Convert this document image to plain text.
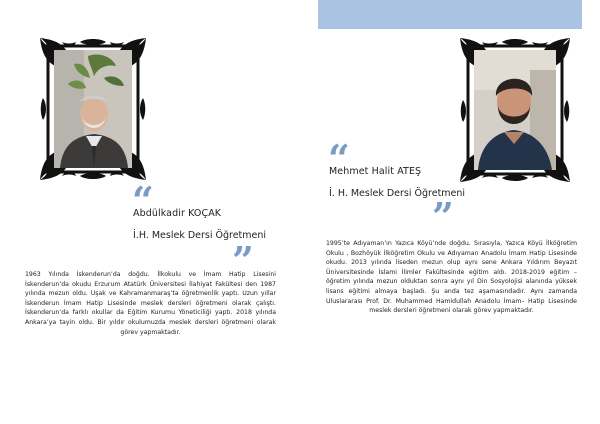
“
Abdülkadir KOÇAK
İ.H. Meslek Dersi Öğretmeni
”
1963 Yılında İskenderun’da doğdu. İlkokulu ve İmam Hatip Lisesini İskenderun’da okudu Erzurum Atatürk Üniversitesi İlahiyat Fakültesi den 1987 yılında mezun oldu. Uşak ve Kahramanmaraş’ta öğretmenlik yaptı. Uzun yıllar İskenderun İmam Hatip Lisesinde meslek dersleri öğretmeni olarak çalıştı. İskenderun’da farklı okullar da Eğitim Kurumu Yöneticiliği yaptı. 2018 yılında Ankara’ya tayin oldu. Bir yıldır okulumuzda meslek dersleri öğretmeni olarak görev yapmaktadır.
“
Mehmet Halit ATEŞ
İ. H. Meslek Dersi Öğretmeni
”
1995’te Adıyaman’ın Yazıca Köyü’nde doğdu. Sırasıyla, Yazıca Köyü İlköğretim Okulu , Bozhöyük İlköğretim Okulu ve Adıyaman Anadolu İmam Hatip Lisesinde okudu. 2013 yılında liseden mezun olup aynı sene Ankara Yıldırım Beyazıt Üniversitesinde İslami İlimler Fakültesinde eğitim aldı. 2018-2019 eğitim –öğretim yılında mezun olduktan sonra aynı yıl Din Sosyolojisi alanında yüksek lisans eğitimi almaya başladı. Şu anda tez aşamasındadır. Aynı zamanda Uluslararası Prof. Dr. Muhammed Hamidullah Anadolu İmam– Hatip Lisesinde meslek dersleri öğretmeni olarak görev yapmaktadır.
